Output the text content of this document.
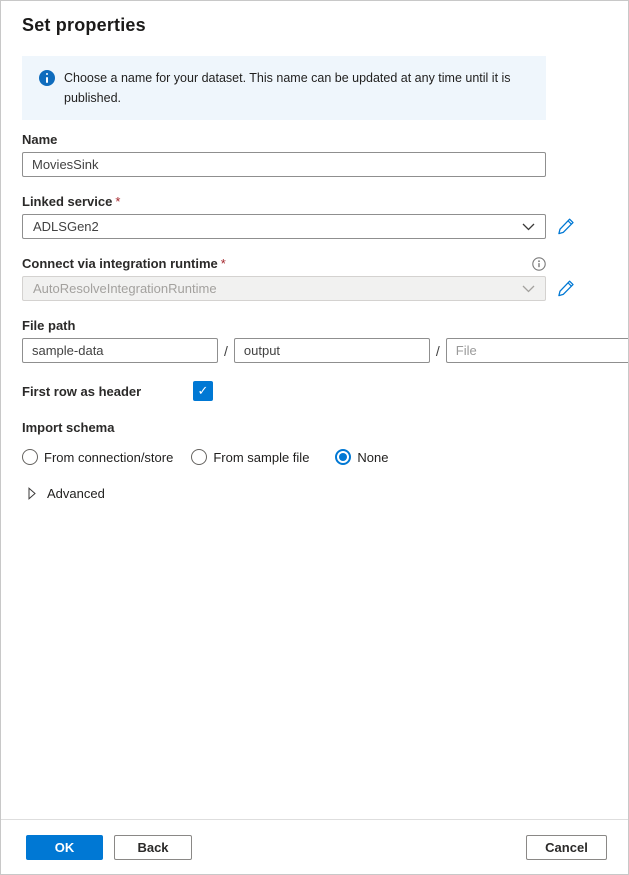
Set properties
Choose a name for your dataset. This name can be updated at any time until it is published.
Name
MoviesSink
Linked service *
ADLSGen2
Connect via integration runtime *
AutoResolveIntegrationRuntime
File path
sample-data
/
output	/
File
First row as header	✓
Import schema
From connection/store	From sample file	None
Advanced
OK	Back	Cancel
